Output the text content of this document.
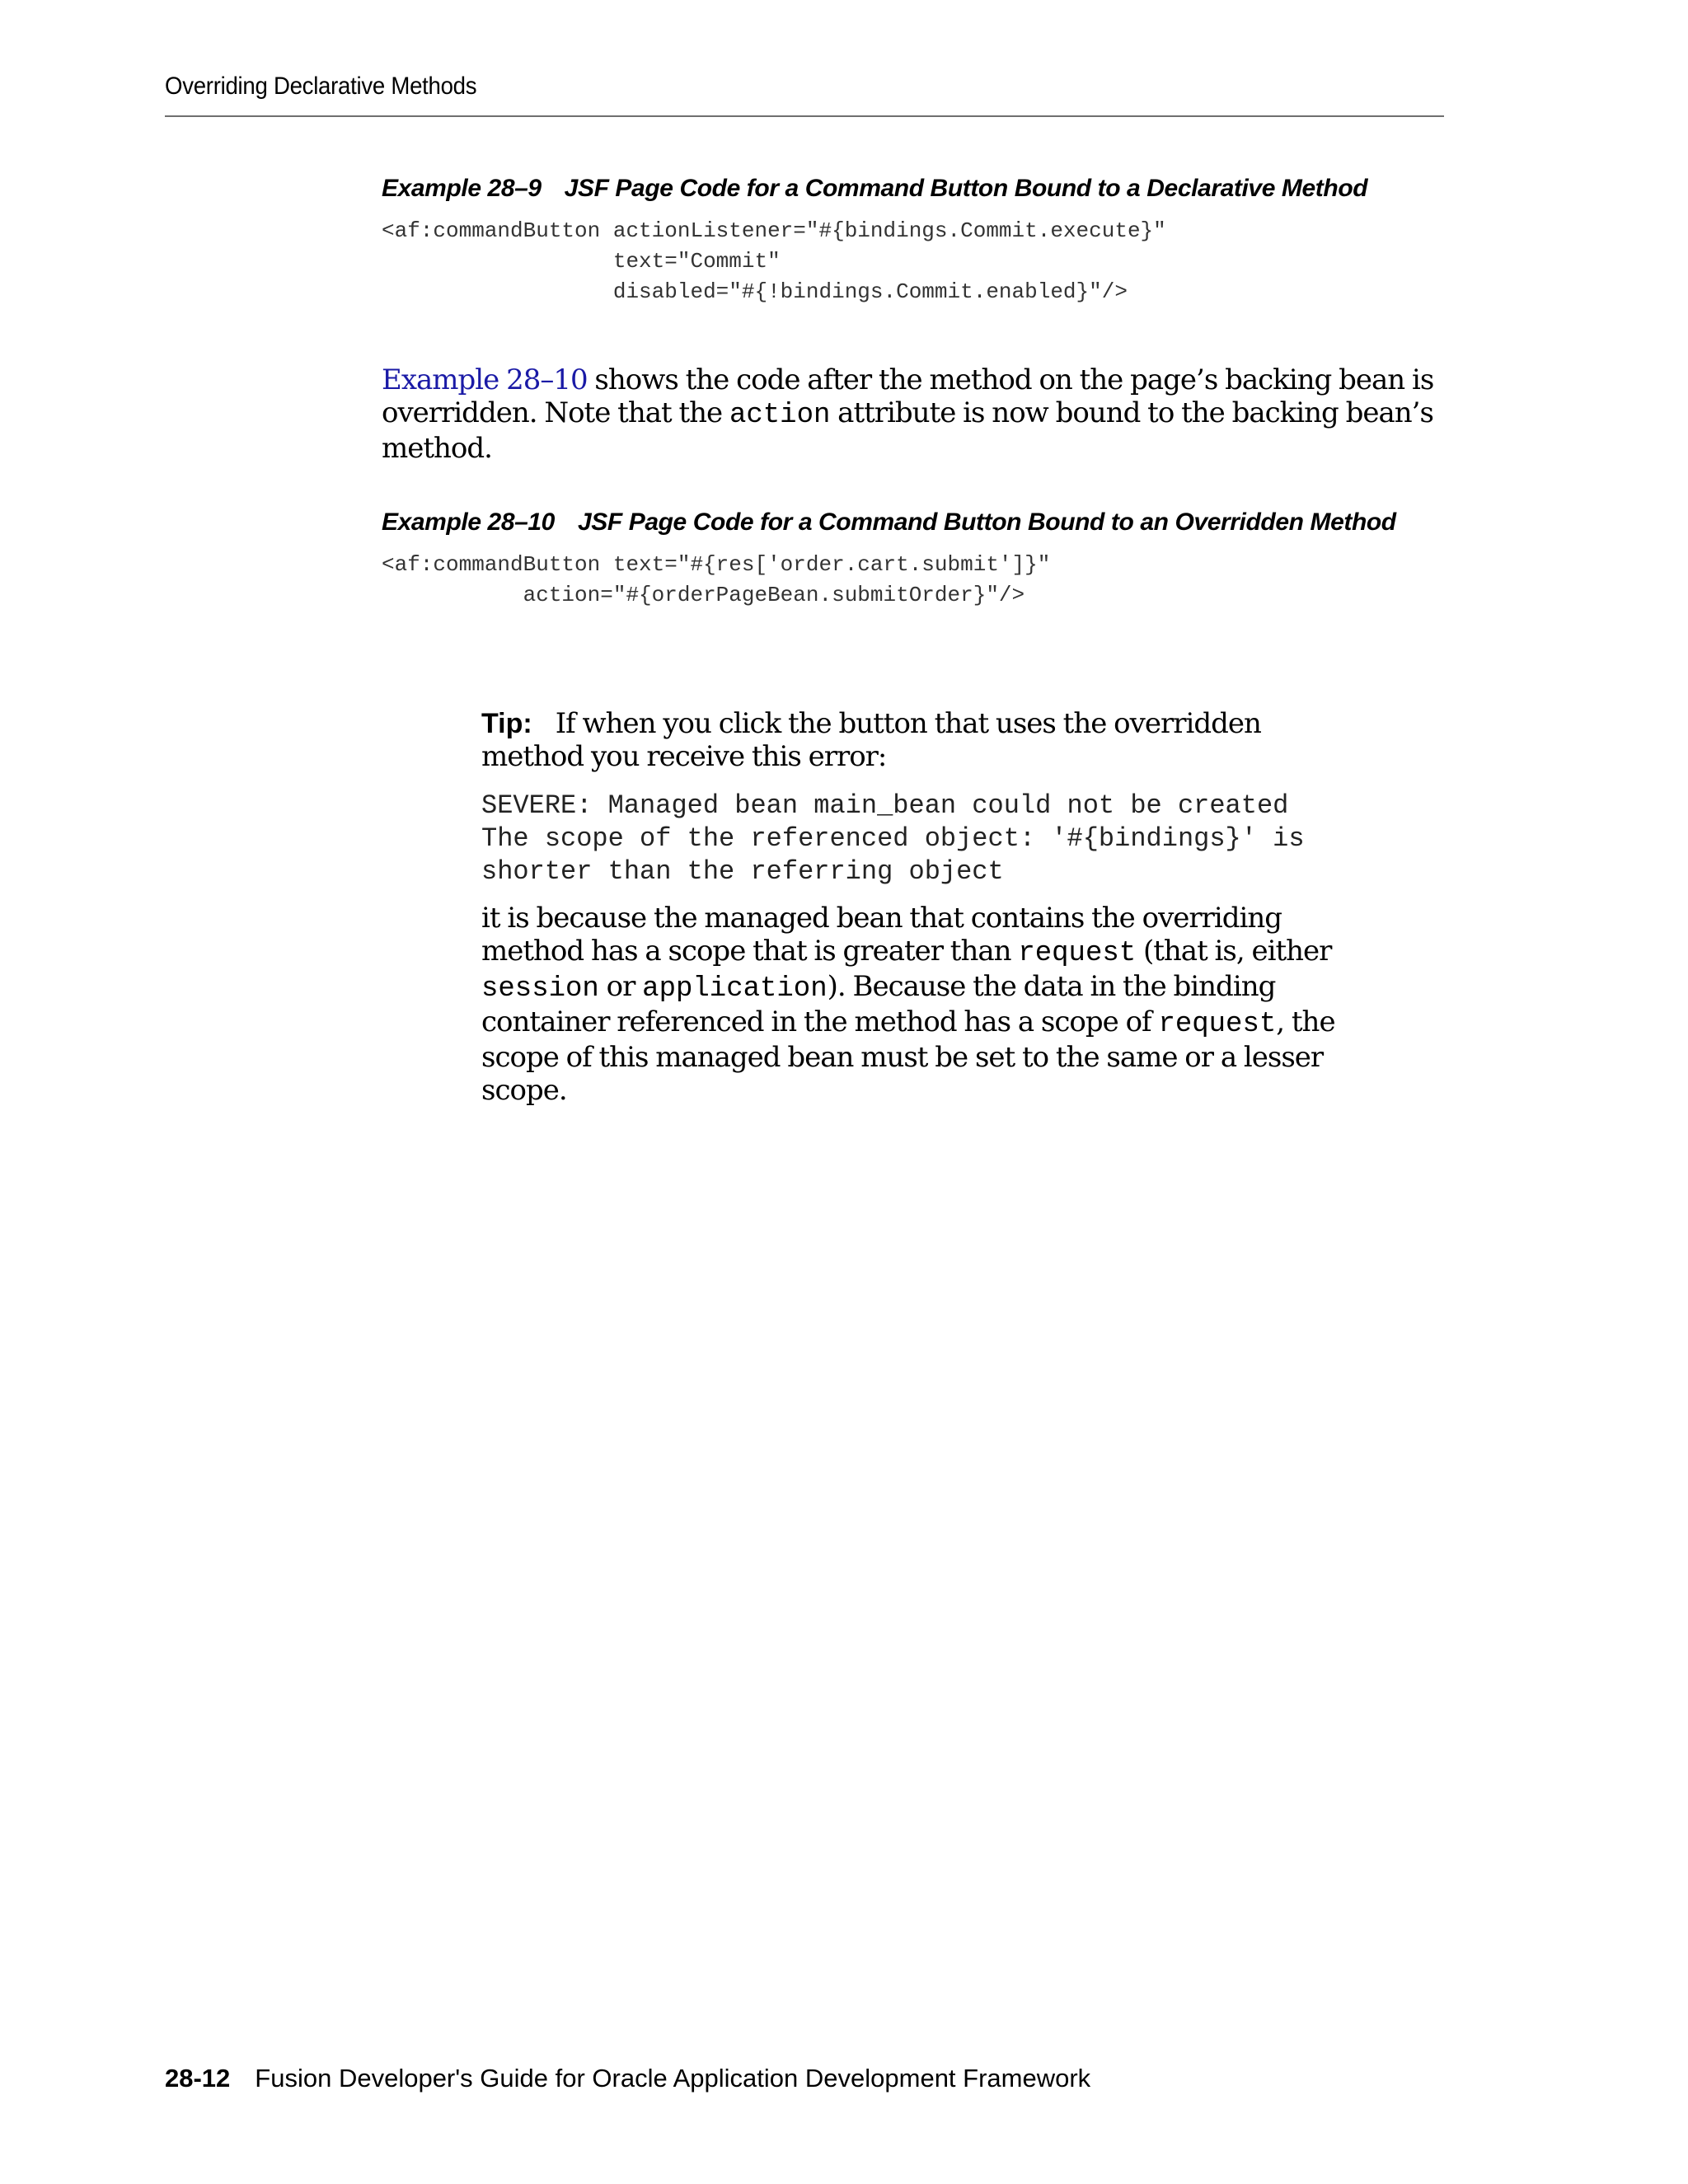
Overriding Declarative Methods
Example 28–9 JSF Page Code for a Command Button Bound to a Declarative Method
<af:commandButton actionListener="#{bindings.Commit.execute}"
text="Commit"
disabled="#{!bindings.Commit.enabled}"/>

Example 28–10 shows the code after the method on the page’s backing bean is overridden. Note that the action attribute is now bound to the backing bean’s method.

Example 28–10 JSF Page Code for a Command Button Bound to an Overridden Method
<af:commandButton text="#{res['order.cart.submit']}"
action="#{orderPageBean.submitOrder}"/>

Tip: If when you click the button that uses the overridden method you receive this error:

SEVERE: Managed bean main_bean could not be created
The scope of the referenced object: '#{bindings}' is
shorter than the referring object

it is because the managed bean that contains the overriding method has a scope that is greater than request (that is, either session or application). Because the data in the binding container referenced in the method has a scope of request, the scope of this managed bean must be set to the same or a lesser scope.

28-12 Fusion Developer's Guide for Oracle Application Development Framework
